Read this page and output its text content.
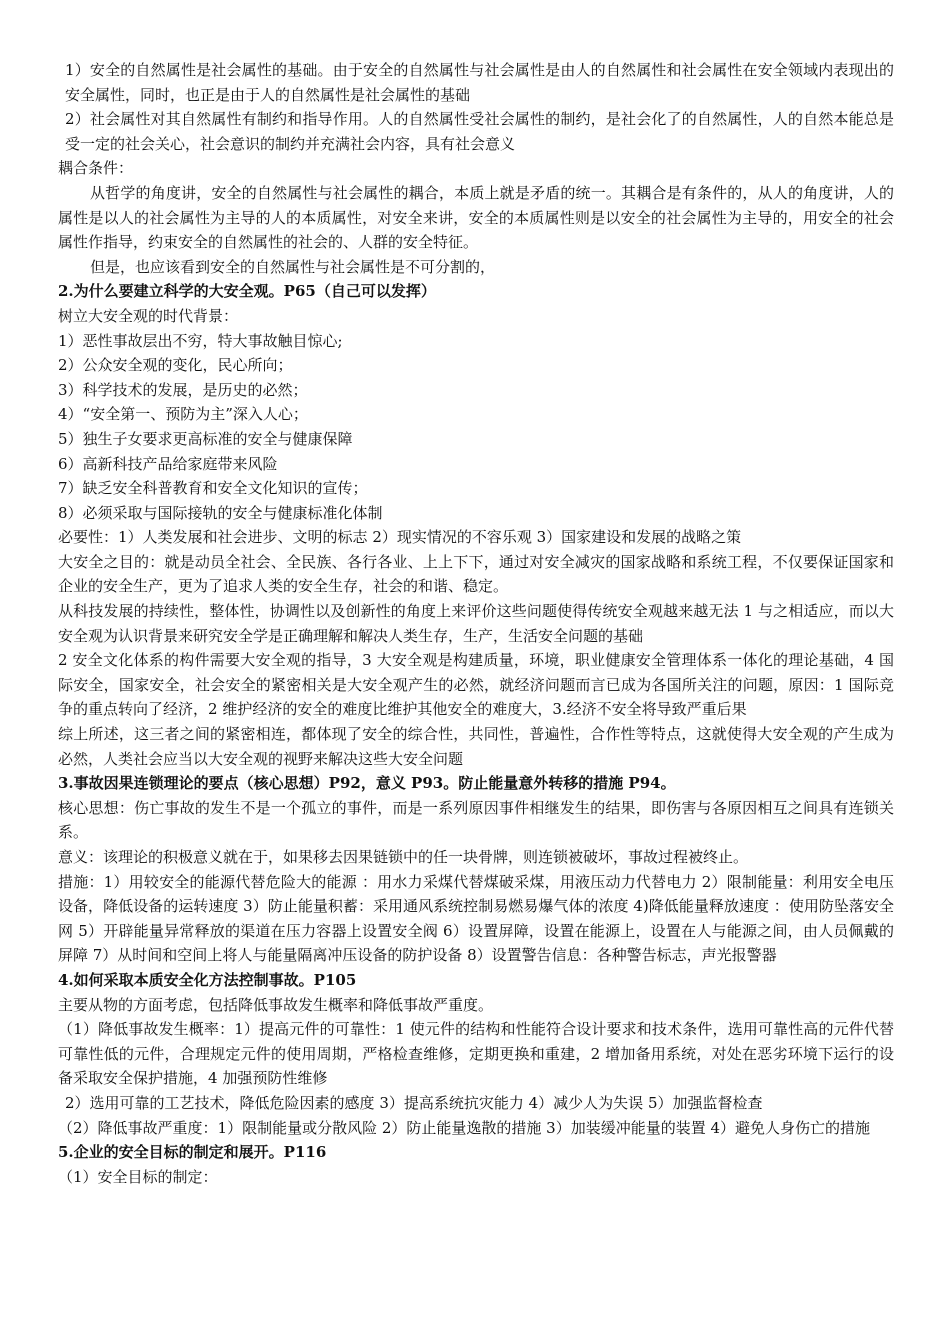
1）安全的自然属性是社会属性的基础。由于安全的自然属性与社会属性是由人的自然属性和社会属性在安全领域内表现出的安全属性，同时，也正是由于人的自然属性是社会属性的基础

2）社会属性对其自然属性有制约和指导作用。人的自然属性受社会属性的制约，是社会化了的自然属性，人的自然本能总是受一定的社会关心，社会意识的制约并充满社会内容，具有社会意义

耦合条件：

从哲学的角度讲，安全的自然属性与社会属性的耦合，本质上就是矛盾的统一。其耦合是有条件的，从人的角度讲，人的属性是以人的社会属性为主导的人的本质属性，对安全来讲，安全的本质属性则是以安全的社会属性为主导的，用安全的社会属性作指导，约束安全的自然属性的社会的、人群的安全特征。

但是，也应该看到安全的自然属性与社会属性是不可分割的，

2.为什么要建立科学的大安全观。P65（自己可以发挥）

树立大安全观的时代背景：

1）恶性事故层出不穷，特大事故触目惊心;

2）公众安全观的变化，民心所向；

3）科学技术的发展，是历史的必然；

4）“安全第一、预防为主”深入人心；

5）独生子女要求更高标准的安全与健康保障

6）高新科技产品给家庭带来风险

7）缺乏安全科普教育和安全文化知识的宣传；

8）必须采取与国际接轨的安全与健康标准化体制

必要性：1）人类发展和社会进步、文明的标志 2）现实情况的不容乐观 3）国家建设和发展的战略之策

大安全之目的：就是动员全社会、全民族、各行各业、上上下下，通过对安全减灾的国家战略和系统工程，不仅要保证国家和企业的安全生产，更为了追求人类的安全生存，社会的和谐、稳定。

从科技发展的持续性，整体性，协调性以及创新性的角度上来评价这些问题使得传统安全观越来越无法 1 与之相适应，而以大安全观为认识背景来研究安全学是正确理解和解决人类生存，生产，生活安全问题的基础

2 安全文化体系的构件需要大安全观的指导，3 大安全观是构建质量，环境，职业健康安全管理体系一体化的理论基础，4 国际安全，国家安全，社会安全的紧密相关是大安全观产生的必然，就经济问题而言已成为各国所关注的问题，原因：1 国际竞争的重点转向了经济，2 维护经济的安全的难度比维护其他安全的难度大，3.经济不安全将导致严重后果

综上所述，这三者之间的紧密相连，都体现了安全的综合性，共同性，普遍性，合作性等特点，这就使得大安全观的产生成为必然，人类社会应当以大安全观的视野来解决这些大安全问题

3.事故因果连锁理论的要点（核心思想）P92，意义 P93。防止能量意外转移的措施 P94。

核心思想：伤亡事故的发生不是一个孤立的事件，而是一系列原因事件相继发生的结果，即伤害与各原因相互之间具有连锁关系。

意义：该理论的积极意义就在于，如果移去因果链锁中的任一块骨牌，则连锁被破坏，事故过程被终止。

措施：1）用较安全的能源代替危险大的能源 ：用水力采煤代替煤破采煤，用液压动力代替电力 2）限制能量：利用安全电压设备，降低设备的运转速度 3）防止能量积蓄：采用通风系统控制易燃易爆气体的浓度 4)降低能量释放速度 ：使用防坠落安全网 5）开辟能量异常释放的渠道在压力容器上设置安全阀 6）设置屏障，设置在能源上，设置在人与能源之间，由人员佩戴的屏障 7）从时间和空间上将人与能量隔离冲压设备的防护设备 8）设置警告信息：各种警告标志，声光报警器

4.如何采取本质安全化方法控制事故。P105

主要从物的方面考虑，包括降低事故发生概率和降低事故严重度。

（1）降低事故发生概率：1）提高元件的可靠性：1 使元件的结构和性能符合设计要求和技术条件，选用可靠性高的元件代替可靠性低的元件，合理规定元件的使用周期，严格检查维修，定期更换和重建，2 增加备用系统，对处在恶劣环境下运行的设备采取安全保护措施，4 加强预防性维修

2）选用可靠的工艺技术，降低危险因素的感度 3）提高系统抗灾能力 4）减少人为失误 5）加强监督检查

（2）降低事故严重度：1）限制能量或分散风险 2）防止能量逸散的措施 3）加装缓冲能量的装置 4）避免人身伤亡的措施

5.企业的安全目标的制定和展开。P116

（1）安全目标的制定：
